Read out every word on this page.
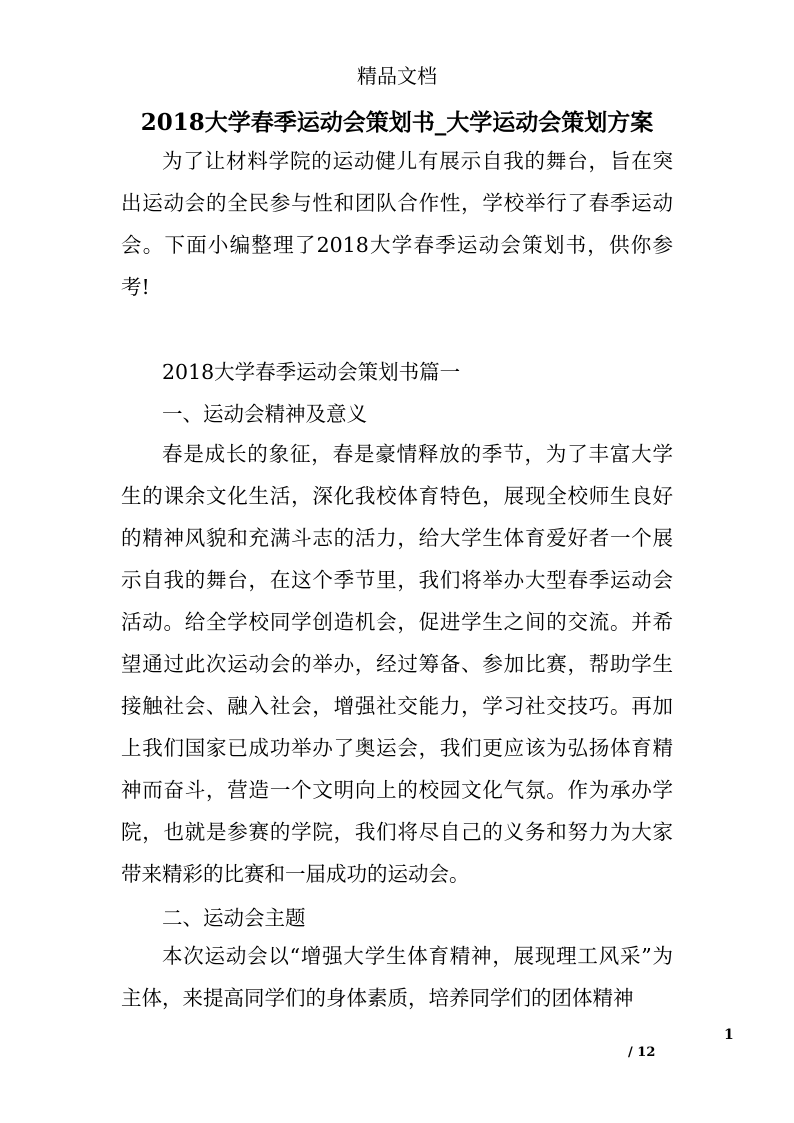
精品文档
2018大学春季运动会策划书_大学运动会策划方案
为了让材料学院的运动健儿有展示自我的舞台，旨在突出运动会的全民参与性和团队合作性，学校举行了春季运动会。下面小编整理了2018大学春季运动会策划书，供你参考!
2018大学春季运动会策划书篇一
一、运动会精神及意义
春是成长的象征，春是豪情释放的季节，为了丰富大学生的课余文化生活，深化我校体育特色，展现全校师生良好的精神风貌和充满斗志的活力，给大学生体育爱好者一个展示自我的舞台，在这个季节里，我们将举办大型春季运动会活动。给全学校同学创造机会，促进学生之间的交流。并希望通过此次运动会的举办，经过筹备、参加比赛，帮助学生接触社会、融入社会，增强社交能力，学习社交技巧。再加上我们国家已成功举办了奥运会，我们更应该为弘扬体育精神而奋斗，营造一个文明向上的校园文化气氛。作为承办学院，也就是参赛的学院，我们将尽自己的义务和努力为大家带来精彩的比赛和一届成功的运动会。
二、运动会主题
本次运动会以“增强大学生体育精神，展现理工风采”为主体，来提高同学们的身体素质，培养同学们的团体精神
1
/ 12
